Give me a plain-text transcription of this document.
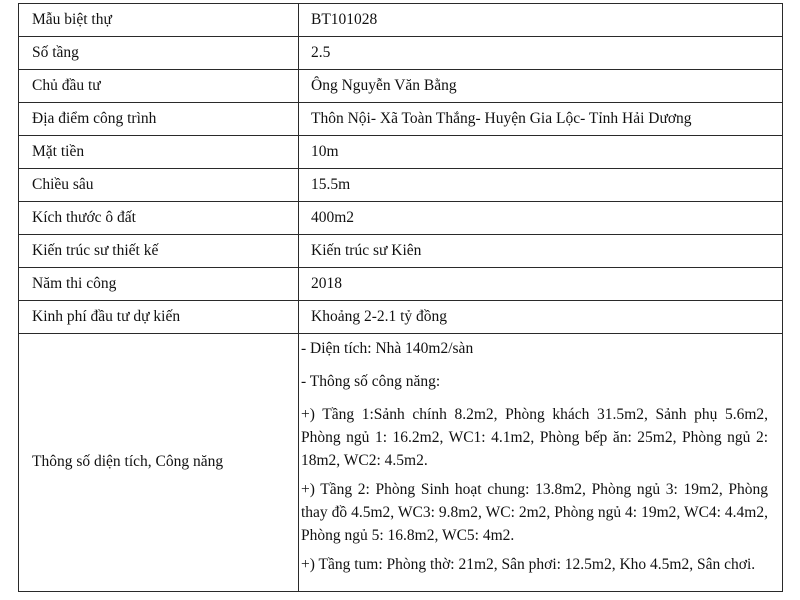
Mẫu biệt thự	BT101028
Số tầng	2.5
Chủ đầu tư	Ông Nguyễn Văn Bằng
Địa điểm công trình	Thôn Nội- Xã Toàn Thắng- Huyện Gia Lộc- Tỉnh Hải Dương
Mặt tiền	10m
Chiều sâu	15.5m
Kích thước ô đất	400m2
Kiến trúc sư thiết kế	Kiến trúc sư Kiên
Năm thi công	2018
Kinh phí đầu tư dự kiến	Khoảng 2-2.1 tỷ đồng
Thông số diện tích, Công năng	- Diện tích: Nhà 140m2/sàn

- Thông số công năng:

+) Tầng 1:Sảnh chính 8.2m2, Phòng khách 31.5m2, Sảnh phụ 5.6m2, Phòng ngủ 1: 16.2m2, WC1: 4.1m2, Phòng bếp ăn: 25m2, Phòng ngủ 2: 18m2, WC2: 4.5m2.

+) Tầng 2: Phòng Sinh hoạt chung: 13.8m2, Phòng ngủ 3: 19m2, Phòng thay đồ 4.5m2, WC3: 9.8m2, WC: 2m2, Phòng ngủ 4: 19m2, WC4: 4.4m2, Phòng ngủ 5: 16.8m2, WC5: 4m2.

+) Tầng tum: Phòng thờ: 21m2, Sân phơi: 12.5m2, Kho 4.5m2, Sân chơi.
